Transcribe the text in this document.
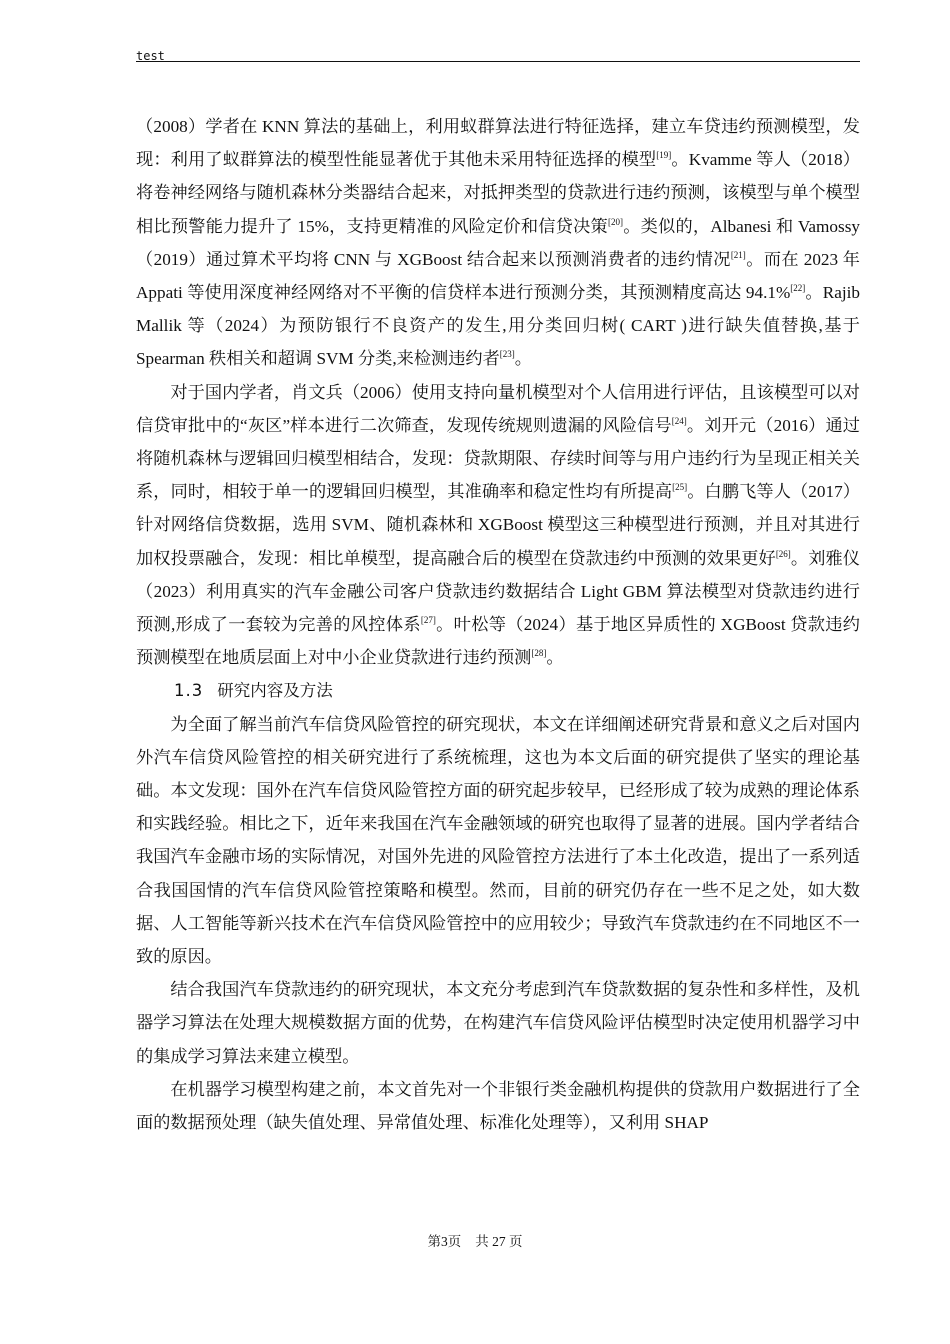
test

（2008）学者在 KNN 算法的基础上，利用蚁群算法进行特征选择，建立车贷违约预测模型，发现：利用了蚁群算法的模型性能显著优于其他未采用特征选择的模型[19]。Kvamme 等人（2018）将卷神经网络与随机森林分类器结合起来，对抵押类型的贷款进行违约预测，该模型与单个模型相比预警能力提升了 15%，支持更精准的风险定价和信贷决策[20]。类似的，Albanesi 和 Vamossy（2019）通过算术平均将 CNN 与 XGBoost 结合起来以预测消费者的违约情况[21]。而在 2023 年 Appati 等使用深度神经网络对不平衡的信贷样本进行预测分类，其预测精度高达 94.1%[22]。Rajib Mallik 等（2024）为预防银行不良资产的发生,用分类回归树( CART )进行缺失值替换,基于 Spearman 秩相关和超调 SVM 分类,来检测违约者[23]。

对于国内学者，肖文兵（2006）使用支持向量机模型对个人信用进行评估，且该模型可以对信贷审批中的“灰区”样本进行二次筛查，发现传统规则遗漏的风险信号[24]。刘开元（2016）通过将随机森林与逻辑回归模型相结合，发现：贷款期限、存续时间等与用户违约行为呈现正相关关系，同时，相较于单一的逻辑回归模型，其准确率和稳定性均有所提高[25]。白鹏飞等人（2017）针对网络信贷数据，选用 SVM、随机森林和 XGBoost 模型这三种模型进行预测，并且对其进行加权投票融合，发现：相比单模型，提高融合后的模型在贷款违约中预测的效果更好[26]。刘雅仪（2023）利用真实的汽车金融公司客户贷款违约数据结合 Light GBM 算法模型对贷款违约进行预测,形成了一套较为完善的风控体系[27]。叶松等（2024）基于地区异质性的 XGBoost 贷款违约预测模型在地质层面上对中小企业贷款进行违约预测[28]。

1.3 研究内容及方法

为全面了解当前汽车信贷风险管控的研究现状，本文在详细阐述研究背景和意义之后对国内外汽车信贷风险管控的相关研究进行了系统梳理，这也为本文后面的研究提供了坚实的理论基础。本文发现：国外在汽车信贷风险管控方面的研究起步较早，已经形成了较为成熟的理论体系和实践经验。相比之下，近年来我国在汽车金融领域的研究也取得了显著的进展。国内学者结合我国汽车金融市场的实际情况，对国外先进的风险管控方法进行了本土化改造，提出了一系列适合我国国情的汽车信贷风险管控策略和模型。然而，目前的研究仍存在一些不足之处，如大数据、人工智能等新兴技术在汽车信贷风险管控中的应用较少；导致汽车贷款违约在不同地区不一致的原因。

结合我国汽车贷款违约的研究现状，本文充分考虑到汽车贷款数据的复杂性和多样性，及机器学习算法在处理大规模数据方面的优势，在构建汽车信贷风险评估模型时决定使用机器学习中的集成学习算法来建立模型。

在机器学习模型构建之前，本文首先对一个非银行类金融机构提供的贷款用户数据进行了全面的数据预处理（缺失值处理、异常值处理、标准化处理等），又利用 SHAP

第3页 共 27 页
